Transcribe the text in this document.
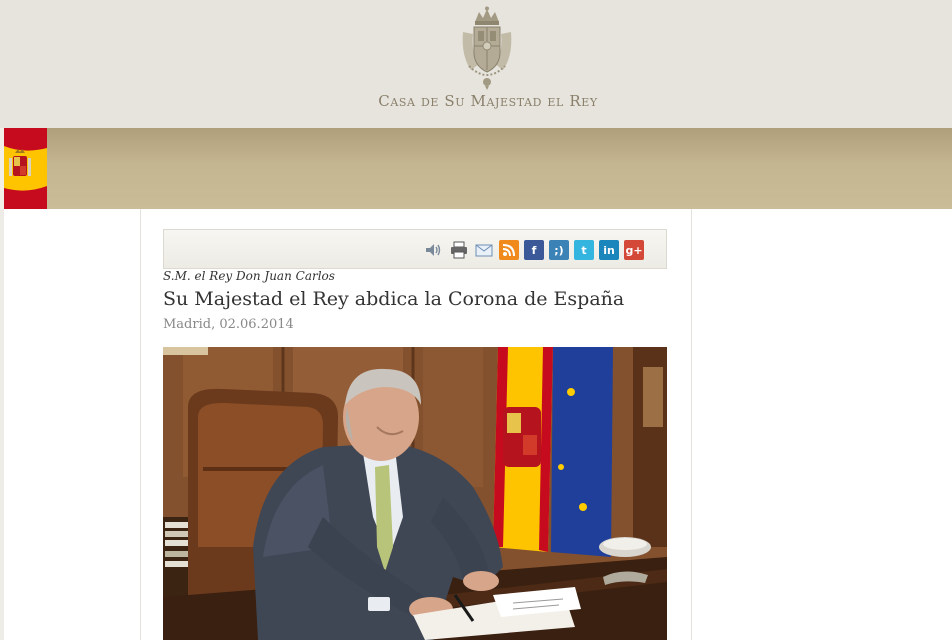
Casa de Su Majestad el Rey
f	;)	t	in g+
S.M. el Rey Don Juan Carlos
Su Majestad el Rey abdica la Corona de España
Madrid, 02.06.2014
